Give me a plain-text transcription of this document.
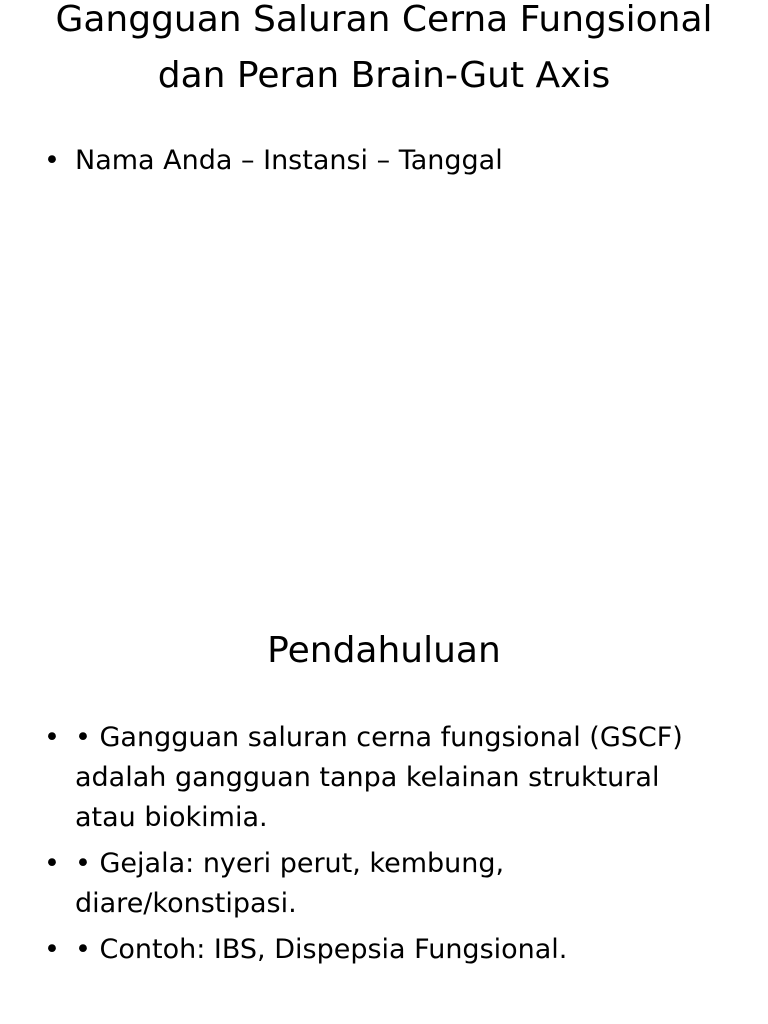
Gangguan Saluran Cerna Fungsional dan Peran Brain-Gut Axis
• Nama Anda – Instansi – Tanggal
Pendahuluan
• • Gangguan saluran cerna fungsional (GSCF) adalah gangguan tanpa kelainan struktural atau biokimia.
• • Gejala: nyeri perut, kembung, diare/konstipasi.
• • Contoh: IBS, Dispepsia Fungsional.
